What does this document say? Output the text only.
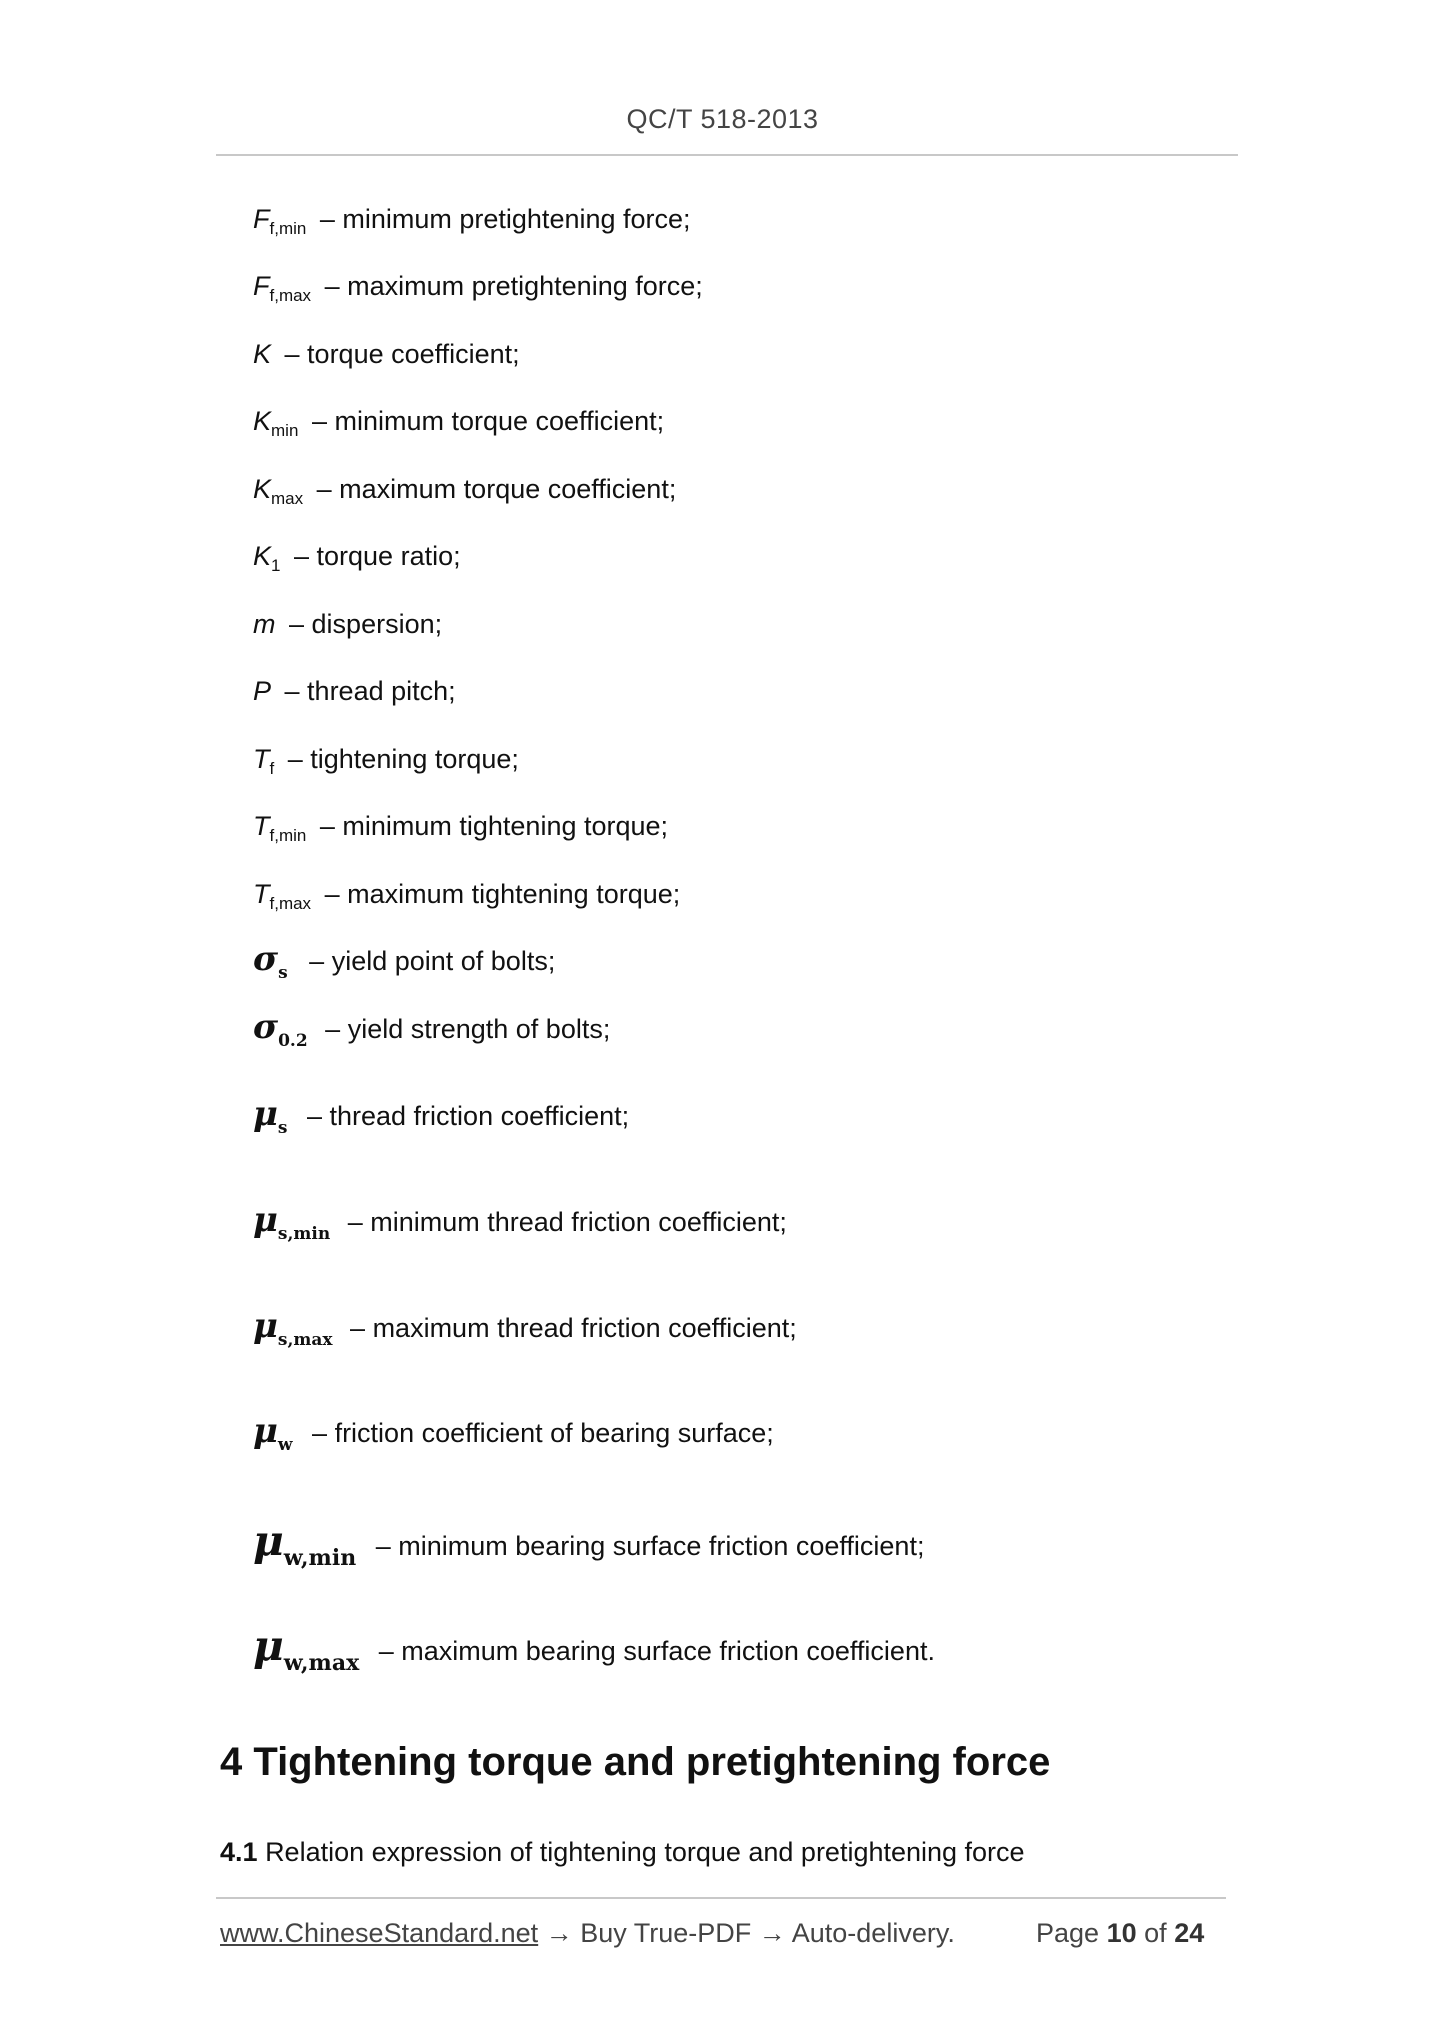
QC/T 518-2013
$F_{f,min}$ – minimum pretightening force;
$F_{f,max}$ – maximum pretightening force;
K – torque coefficient;
$K_{min}$ – minimum torque coefficient;
$K_{max}$ – maximum torque coefficient;
$K_1$ – torque ratio;
m – dispersion;
P – thread pitch;
$T_f$ – tightening torque;
$T_{f,min}$ – minimum tightening torque;
$T_{f,max}$ – maximum tightening torque;
$\sigma_s$ – yield point of bolts;
$\sigma_{0.2}$ – yield strength of bolts;
$\mu_s$ – thread friction coefficient;
$\mu_{s,min}$ – minimum thread friction coefficient;
$\mu_{s,max}$ – maximum thread friction coefficient;
$\mu_w$ – friction coefficient of bearing surface;
$\mu_{w,min}$ – minimum bearing surface friction coefficient;
$\mu_{w,max}$ – maximum bearing surface friction coefficient.
4 Tightening torque and pretightening force
4.1 Relation expression of tightening torque and pretightening force
www.ChineseStandard.net → Buy True-PDF → Auto-delivery.	Page 10 of 24
